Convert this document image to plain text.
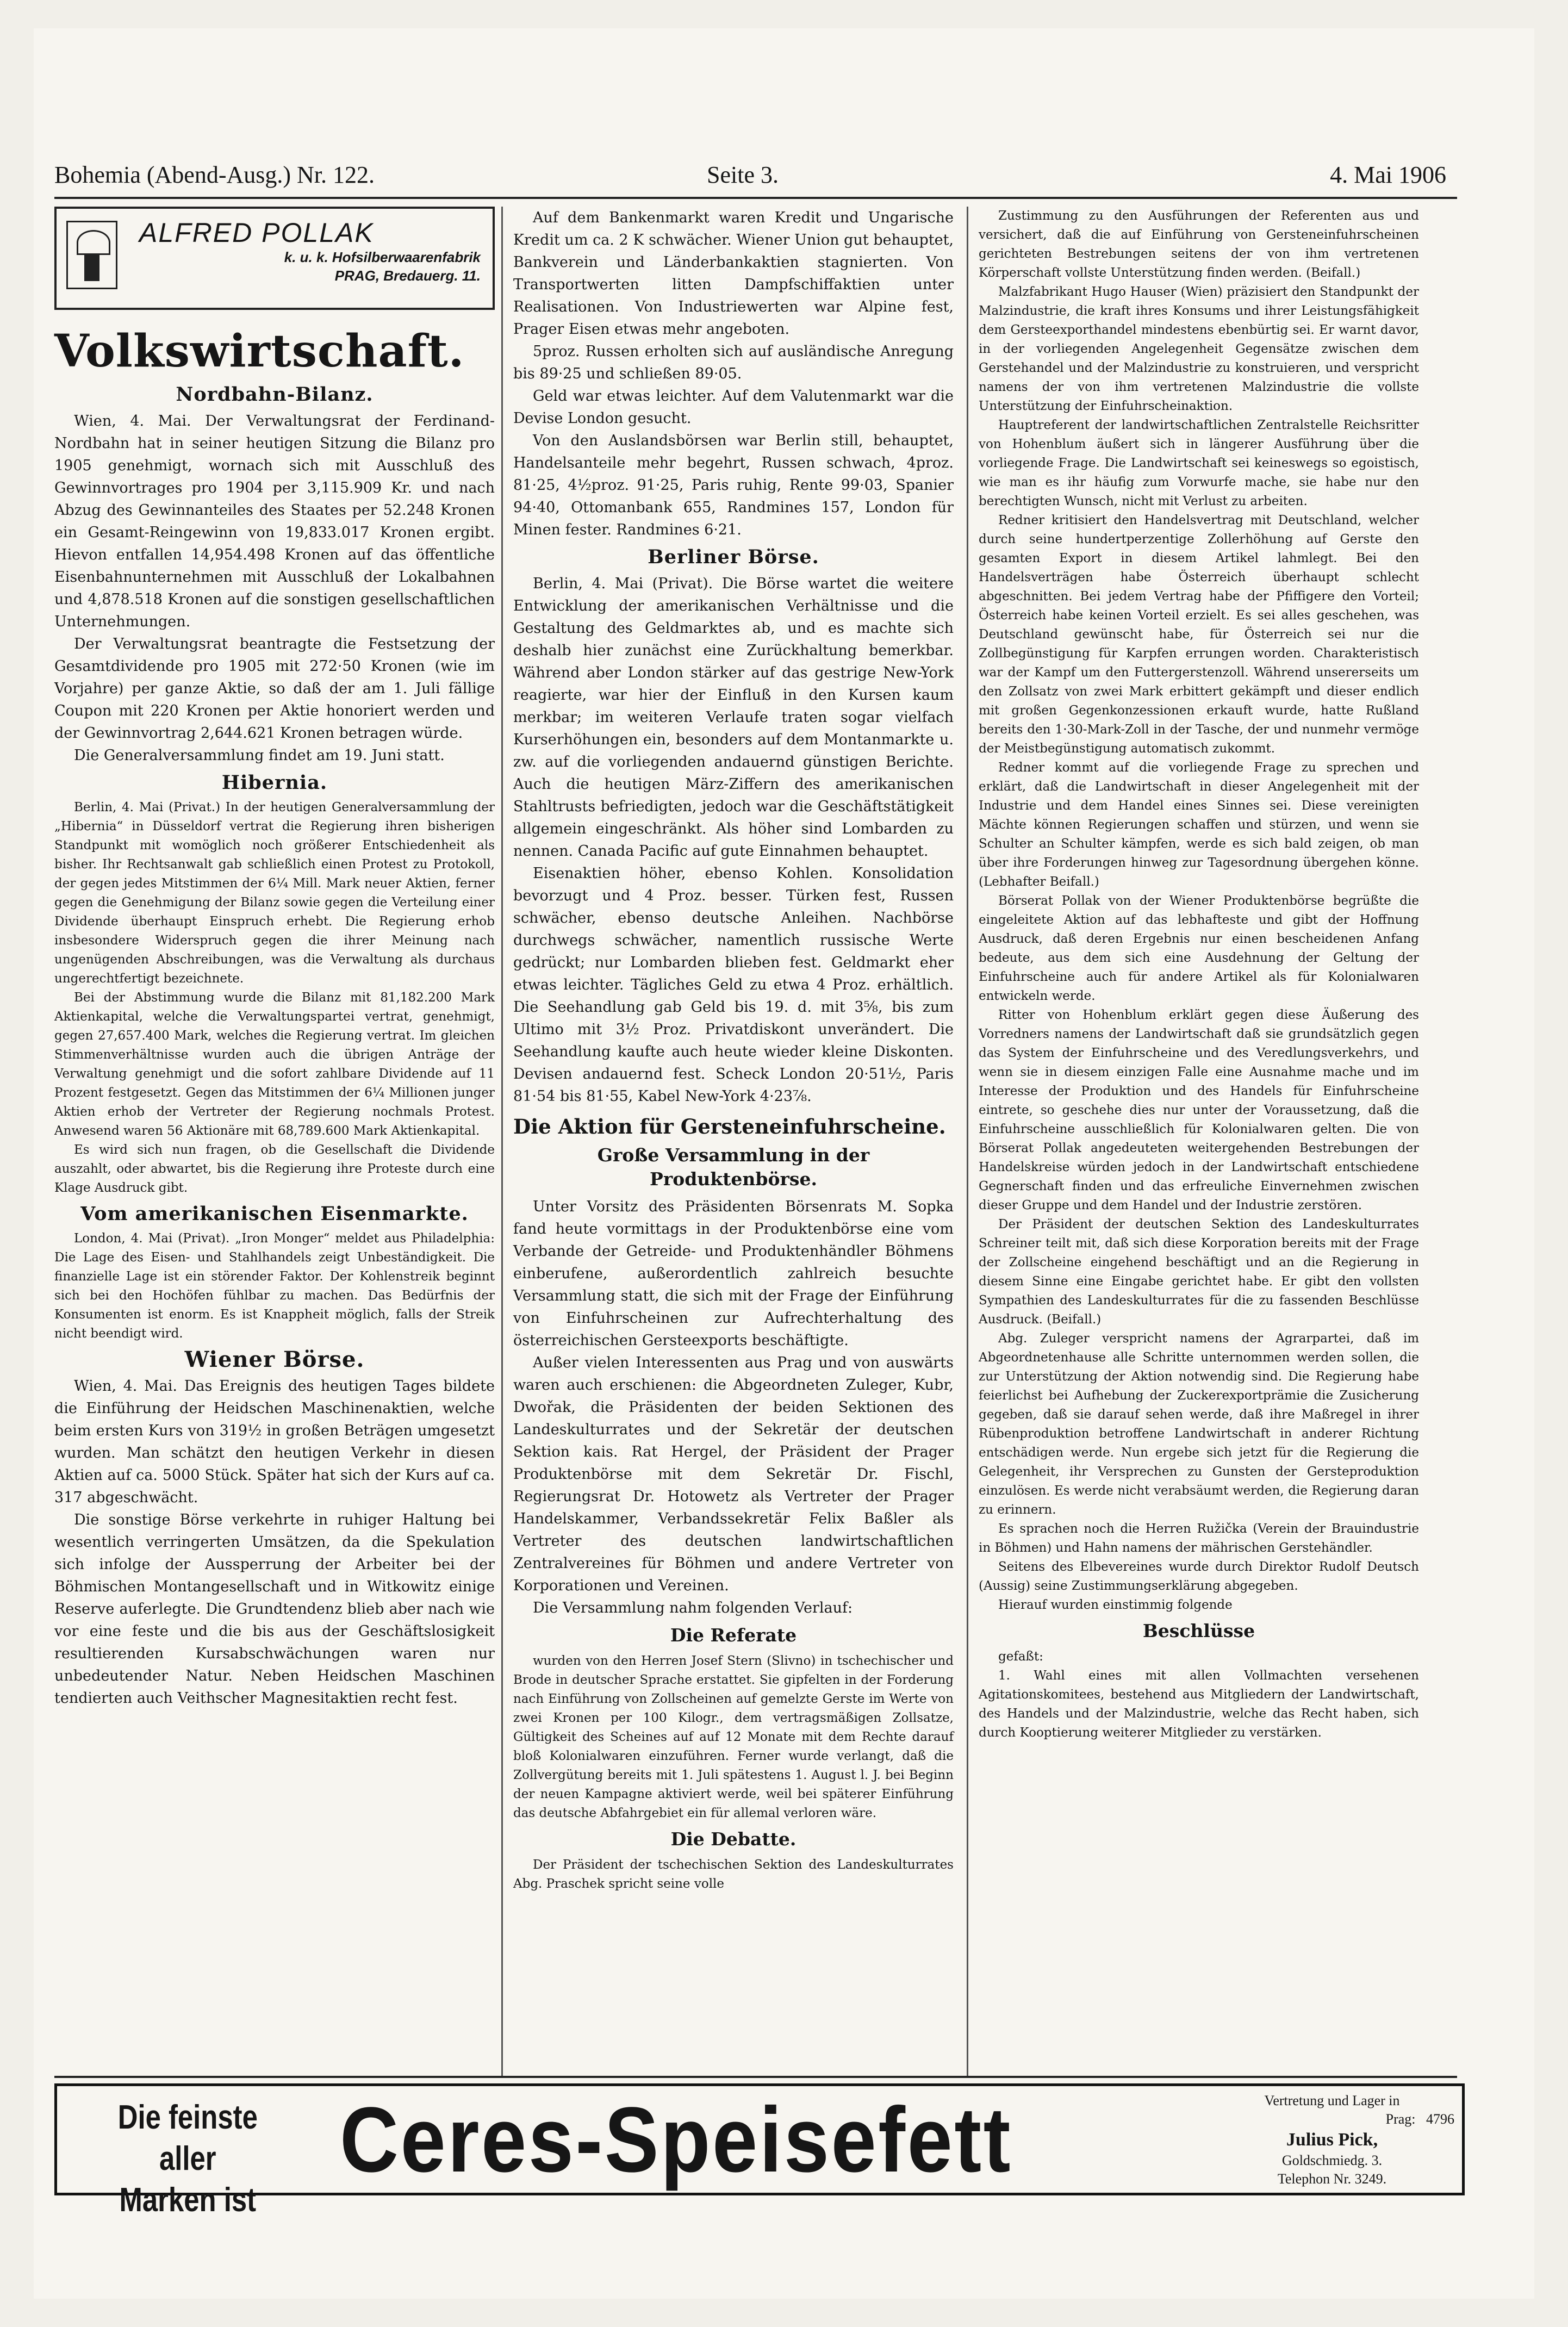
Bohemia (Abend-Ausg.) Nr. 122.	Seite 3.	4. Mai 1906
ALFRED POLLAK
k. u. k. Hofsilberwaarenfabrik
PRAG, Bredauerg. 11.
Volkswirtschaft.
Nordbahn-Bilanz.

Wien, 4. Mai. Der Verwaltungsrat der Ferdinand-Nordbahn hat in seiner heutigen Sitzung die Bilanz pro 1905 genehmigt, wornach sich mit Ausschluß des Gewinnvortrages pro 1904 per 3,115.909 Kr. und nach Abzug des Gewinnanteiles des Staates per 52.248 Kronen ein Gesamt-Reingewinn von 19,833.017 Kronen ergibt. Hievon entfallen 14,954.498 Kronen auf das öffentliche Eisenbahnunternehmen mit Ausschluß der Lokalbahnen und 4,878.518 Kronen auf die sonstigen gesellschaftlichen Unternehmungen.

Der Verwaltungsrat beantragte die Festsetzung der Gesamtdividende pro 1905 mit 272·50 Kronen (wie im Vorjahre) per ganze Aktie, so daß der am 1. Juli fällige Coupon mit 220 Kronen per Aktie honoriert werden und der Gewinnvortrag 2,644.621 Kronen betragen würde.

Die Generalversammlung findet am 19. Juni statt.

Hibernia.

Berlin, 4. Mai (Privat.) In der heutigen Generalversammlung der „Hibernia“ in Düsseldorf vertrat die Regierung ihren bisherigen Standpunkt mit womöglich noch größerer Entschiedenheit als bisher. Ihr Rechtsanwalt gab schließlich einen Protest zu Protokoll, der gegen jedes Mitstimmen der 6¼ Mill. Mark neuer Aktien, ferner gegen die Genehmigung der Bilanz sowie gegen die Verteilung einer Dividende überhaupt Einspruch erhebt. Die Regierung erhob insbesondere Widerspruch gegen die ihrer Meinung nach ungenügenden Abschreibungen, was die Verwaltung als durchaus ungerechtfertigt bezeichnete.

Bei der Abstimmung wurde die Bilanz mit 81,182.200 Mark Aktienkapital, welche die Verwaltungspartei vertrat, genehmigt, gegen 27,657.400 Mark, welches die Regierung vertrat. Im gleichen Stimmenverhältnisse wurden auch die übrigen Anträge der Verwaltung genehmigt und die sofort zahlbare Dividende auf 11 Prozent festgesetzt. Gegen das Mitstimmen der 6¼ Millionen junger Aktien erhob der Vertreter der Regierung nochmals Protest. Anwesend waren 56 Aktionäre mit 68,789.600 Mark Aktienkapital.

Es wird sich nun fragen, ob die Gesellschaft die Dividende auszahlt, oder abwartet, bis die Regierung ihre Proteste durch eine Klage Ausdruck gibt.

Vom amerikanischen Eisenmarkte.

London, 4. Mai (Privat). „Iron Monger“ meldet aus Philadelphia: Die Lage des Eisen- und Stahlhandels zeigt Unbeständigkeit. Die finanzielle Lage ist ein störender Faktor. Der Kohlenstreik beginnt sich bei den Hochöfen fühlbar zu machen. Das Bedürfnis der Konsumenten ist enorm. Es ist Knappheit möglich, falls der Streik nicht beendigt wird.

Wiener Börse.

Wien, 4. Mai. Das Ereignis des heutigen Tages bildete die Einführung der Heidschen Maschinenaktien, welche beim ersten Kurs von 319½ in großen Beträgen umgesetzt wurden. Man schätzt den heutigen Verkehr in diesen Aktien auf ca. 5000 Stück. Später hat sich der Kurs auf ca. 317 abgeschwächt.

Die sonstige Börse verkehrte in ruhiger Haltung bei wesentlich verringerten Umsätzen, da die Spekulation sich infolge der Aussperrung der Arbeiter bei der Böhmischen Montangesellschaft und in Witkowitz einige Reserve auferlegte. Die Grundtendenz blieb aber nach wie vor eine feste und die bis aus der Geschäftslosigkeit resultierenden Kursabschwächungen waren nur unbedeutender Natur. Neben Heidschen Maschinen tendierten auch Veithscher Magnesitaktien recht fest.

Auf dem Bankenmarkt waren Kredit und Ungarische Kredit um ca. 2 K schwächer. Wiener Union gut behauptet, Bankverein und Länderbankaktien stagnierten. Von Transportwerten litten Dampfschiffaktien unter Realisationen. Von Industriewerten war Alpine fest, Prager Eisen etwas mehr angeboten.

5proz. Russen erholten sich auf ausländische Anregung bis 89·25 und schließen 89·05.

Geld war etwas leichter. Auf dem Valutenmarkt war die Devise London gesucht.

Von den Auslandsbörsen war Berlin still, behauptet, Handelsanteile mehr begehrt, Russen schwach, 4proz. 81·25, 4½proz. 91·25, Paris ruhig, Rente 99·03, Spanier 94·40, Ottomanbank 655, Randmines 157, London für Minen fester. Randmines 6·21.

Berliner Börse.

Berlin, 4. Mai (Privat). Die Börse wartet die weitere Entwicklung der amerikanischen Verhältnisse und die Gestaltung des Geldmarktes ab, und es machte sich deshalb hier zunächst eine Zurückhaltung bemerkbar. Während aber London stärker auf das gestrige New-York reagierte, war hier der Einfluß in den Kursen kaum merkbar; im weiteren Verlaufe traten sogar vielfach Kurserhöhungen ein, besonders auf dem Montanmarkte u. zw. auf die vorliegenden andauernd günstigen Berichte. Auch die heutigen März-Ziffern des amerikanischen Stahltrusts befriedigten, jedoch war die Geschäftstätigkeit allgemein eingeschränkt. Als höher sind Lombarden zu nennen. Canada Pacific auf gute Einnahmen behauptet.

Eisenaktien höher, ebenso Kohlen. Konsolidation bevorzugt und 4 Proz. besser. Türken fest, Russen schwächer, ebenso deutsche Anleihen. Nachbörse durchwegs schwächer, namentlich russische Werte gedrückt; nur Lombarden blieben fest. Geldmarkt eher etwas leichter. Tägliches Geld zu etwa 4 Proz. erhältlich. Die Seehandlung gab Geld bis 19. d. mit 3⅝, bis zum Ultimo mit 3½ Proz. Privatdiskont unverändert. Die Seehandlung kaufte auch heute wieder kleine Diskonten. Devisen andauernd fest. Scheck London 20·51½, Paris 81·54 bis 81·55, Kabel New-York 4·23⅞.

Die Aktion für Gersteneinfuhrscheine.
Große Versammlung in der Produktenbörse.

Unter Vorsitz des Präsidenten Börsenrats M. Sopka fand heute vormittags in der Produktenbörse eine vom Verbande der Getreide- und Produktenhändler Böhmens einberufene, außerordentlich zahlreich besuchte Versammlung statt, die sich mit der Frage der Einführung von Einfuhrscheinen zur Aufrechterhaltung des österreichischen Gersteexports beschäftigte.

Außer vielen Interessenten aus Prag und von auswärts waren auch erschienen: die Abgeordneten Zuleger, Kubr, Dwořak, die Präsidenten der beiden Sektionen des Landeskulturrates und der Sekretär der deutschen Sektion kais. Rat Hergel, der Präsident der Prager Produktenbörse mit dem Sekretär Dr. Fischl, Regierungsrat Dr. Hotowetz als Vertreter der Prager Handelskammer, Verbandssekretär Felix Baßler als Vertreter des deutschen landwirtschaftlichen Zentralvereines für Böhmen und andere Vertreter von Korporationen und Vereinen.

Die Versammlung nahm folgenden Verlauf:

Die Referate

wurden von den Herren Josef Stern (Slivno) in tschechischer und Brode in deutscher Sprache erstattet. Sie gipfelten in der Forderung nach Einführung von Zollscheinen auf gemelzte Gerste im Werte von zwei Kronen per 100 Kilogr., dem vertragsmäßigen Zollsatze, Gültigkeit des Scheines auf auf 12 Monate mit dem Rechte darauf bloß Kolonialwaren einzuführen. Ferner wurde verlangt, daß die Zollvergütung bereits mit 1. Juli spätestens 1. August l. J. bei Beginn der neuen Kampagne aktiviert werde, weil bei späterer Einführung das deutsche Abfahrgebiet ein für allemal verloren wäre.

Die Debatte.

Der Präsident der tschechischen Sektion des Landeskulturrates Abg. Praschek spricht seine volle

Zustimmung zu den Ausführungen der Referenten aus und versichert, daß die auf Einführung von Gersteneinfuhrscheinen gerichteten Bestrebungen seitens der von ihm vertretenen Körperschaft vollste Unterstützung finden werden. (Beifall.)

Malzfabrikant Hugo Hauser (Wien) präzisiert den Standpunkt der Malzindustrie, die kraft ihres Konsums und ihrer Leistungsfähigkeit dem Gersteexporthandel mindestens ebenbürtig sei. Er warnt davor, in der vorliegenden Angelegenheit Gegensätze zwischen dem Gerstehandel und der Malzindustrie zu konstruieren, und verspricht namens der von ihm vertretenen Malzindustrie die vollste Unterstützung der Einfuhrscheinaktion.

Hauptreferent der landwirtschaftlichen Zentralstelle Reichsritter von Hohenblum äußert sich in längerer Ausführung über die vorliegende Frage. Die Landwirtschaft sei keineswegs so egoistisch, wie man es ihr häufig zum Vorwurfe mache, sie habe nur den berechtigten Wunsch, nicht mit Verlust zu arbeiten.

Redner kritisiert den Handelsvertrag mit Deutschland, welcher durch seine hundertperzentige Zollerhöhung auf Gerste den gesamten Export in diesem Artikel lahmlegt. Bei den Handelsverträgen habe Österreich überhaupt schlecht abgeschnitten. Bei jedem Vertrag habe der Pfiffigere den Vorteil; Österreich habe keinen Vorteil erzielt. Es sei alles geschehen, was Deutschland gewünscht habe, für Österreich sei nur die Zollbegünstigung für Karpfen errungen worden. Charakteristisch war der Kampf um den Futtergerstenzoll. Während unsererseits um den Zollsatz von zwei Mark erbittert gekämpft und dieser endlich mit großen Gegenkonzessionen erkauft wurde, hatte Rußland bereits den 1·30-Mark-Zoll in der Tasche, der und nunmehr vermöge der Meistbegünstigung automatisch zukommt.

Redner kommt auf die vorliegende Frage zu sprechen und erklärt, daß die Landwirtschaft in dieser Angelegenheit mit der Industrie und dem Handel eines Sinnes sei. Diese vereinigten Mächte können Regierungen schaffen und stürzen, und wenn sie Schulter an Schulter kämpfen, werde es sich bald zeigen, ob man über ihre Forderungen hinweg zur Tagesordnung übergehen könne. (Lebhafter Beifall.)

Börserat Pollak von der Wiener Produktenbörse begrüßte die eingeleitete Aktion auf das lebhafteste und gibt der Hoffnung Ausdruck, daß deren Ergebnis nur einen bescheidenen Anfang bedeute, aus dem sich eine Ausdehnung der Geltung der Einfuhrscheine auch für andere Artikel als für Kolonialwaren entwickeln werde.

Ritter von Hohenblum erklärt gegen diese Äußerung des Vorredners namens der Landwirtschaft daß sie grundsätzlich gegen das System der Einfuhrscheine und des Veredlungsverkehrs, und wenn sie in diesem einzigen Falle eine Ausnahme mache und im Interesse der Produktion und des Handels für Einfuhrscheine eintrete, so geschehe dies nur unter der Voraussetzung, daß die Einfuhrscheine ausschließlich für Kolonialwaren gelten. Die von Börserat Pollak angedeuteten weitergehenden Bestrebungen der Handelskreise würden jedoch in der Landwirtschaft entschiedene Gegnerschaft finden und das erfreuliche Einvernehmen zwischen dieser Gruppe und dem Handel und der Industrie zerstören.

Der Präsident der deutschen Sektion des Landeskulturrates Schreiner teilt mit, daß sich diese Korporation bereits mit der Frage der Zollscheine eingehend beschäftigt und an die Regierung in diesem Sinne eine Eingabe gerichtet habe. Er gibt den vollsten Sympathien des Landeskulturrates für die zu fassenden Beschlüsse Ausdruck. (Beifall.)

Abg. Zuleger verspricht namens der Agrarpartei, daß im Abgeordnetenhause alle Schritte unternommen werden sollen, die zur Unterstützung der Aktion notwendig sind. Die Regierung habe feierlichst bei Aufhebung der Zuckerexportprämie die Zusicherung gegeben, daß sie darauf sehen werde, daß ihre Maßregel in ihrer Rübenproduktion betroffene Landwirtschaft in anderer Richtung entschädigen werde. Nun ergebe sich jetzt für die Regierung die Gelegenheit, ihr Versprechen zu Gunsten der Gersteproduktion einzulösen. Es werde nicht verabsäumt werden, die Regierung daran zu erinnern.

Es sprachen noch die Herren Ružička (Verein der Brauindustrie in Böhmen) und Hahn namens der mährischen Gerstehändler.

Seitens des Elbevereines wurde durch Direktor Rudolf Deutsch (Aussig) seine Zustimmungserklärung abgegeben.

Hierauf wurden einstimmig folgende

Beschlüsse

gefaßt:

1. Wahl eines mit allen Vollmachten versehenen Agitationskomitees, bestehend aus Mitgliedern der Landwirtschaft, des Handels und der Malzindustrie, welche das Recht haben, sich durch Kooptierung weiterer Mitglieder zu verstärken.

Die feinste aller
Marken ist
Ceres-Speisefett	Vertretung und Lager in
Prag: 4796
Julius Pick,
Goldschmiedg. 3.
Telephon Nr. 3249.
